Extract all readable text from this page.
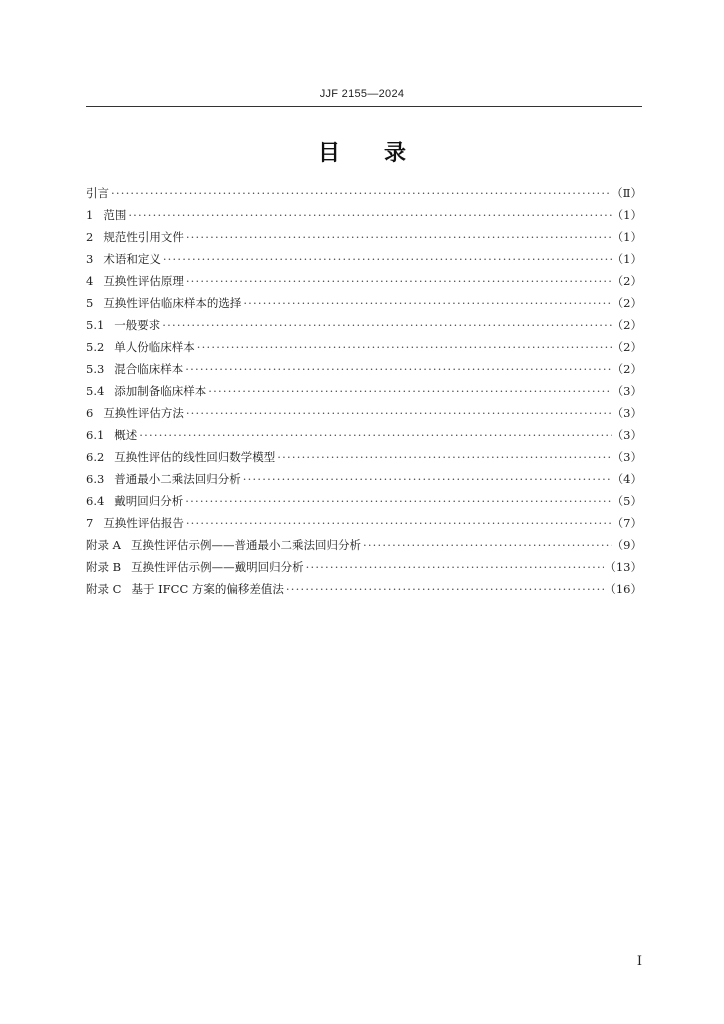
JJF 2155—2024
目　　录
引言 ·····	（Ⅱ）
1 范围 ·····	（1）
2 规范性引用文件 ·····	（1）
3 术语和定义 ·····	（1）
4 互换性评估原理 ·····	（2）
5 互换性评估临床样本的选择 ·····	（2）
5.1 一般要求 ·····	（2）
5.2 单人份临床样本 ·····	（2）
5.3 混合临床样本 ·····	（2）
5.4 添加制备临床样本 ·····	（3）
6 互换性评估方法 ·····	（3）
6.1 概述 ·····	（3）
6.2 互换性评估的线性回归数学模型 ·····	（3）
6.3 普通最小二乘法回归分析 ·····	（4）
6.4 戴明回归分析 ·····	（5）
7 互换性评估报告 ·····	（7）
附录 A 互换性评估示例——普通最小二乘法回归分析 ·····	（9）
附录 B 互换性评估示例——戴明回归分析 ·····	（13）
附录 C 基于 IFCC 方案的偏移差值法 ·····	（16）
I
